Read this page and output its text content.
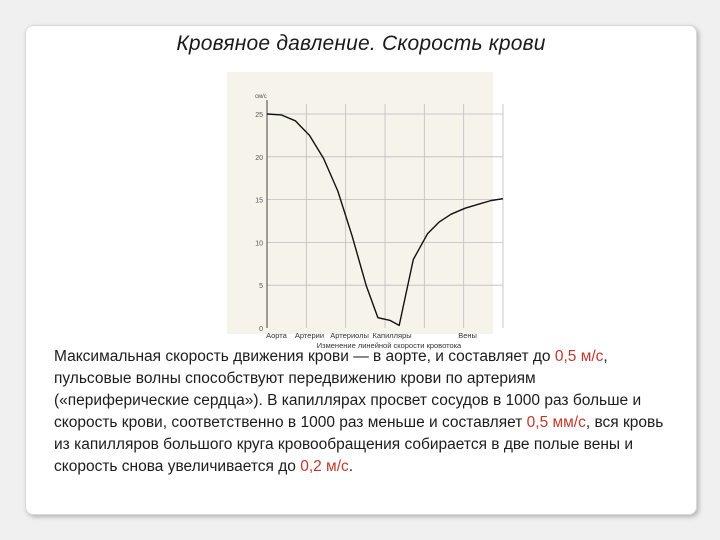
Кровяное давление. Скорость крови
0
5
10
15
20
25
см/с
Аорта Артерии Артериолы Капилляры	Вены
Изменение линейной скорости кровотока
Максимальная скорость движения крови — в аорте, и составляет до 0,5 м/с, пульсовые волны способствуют передвижению крови по артериям («периферические сердца»). В капиллярах просвет сосудов в 1000 раз больше и скорость крови, соответственно в 1000 раз меньше и составляет 0,5 мм/с, вся кровь из капилляров большого круга кровообращения собирается в две полые вены и скорость снова увеличивается до 0,2 м/с.
